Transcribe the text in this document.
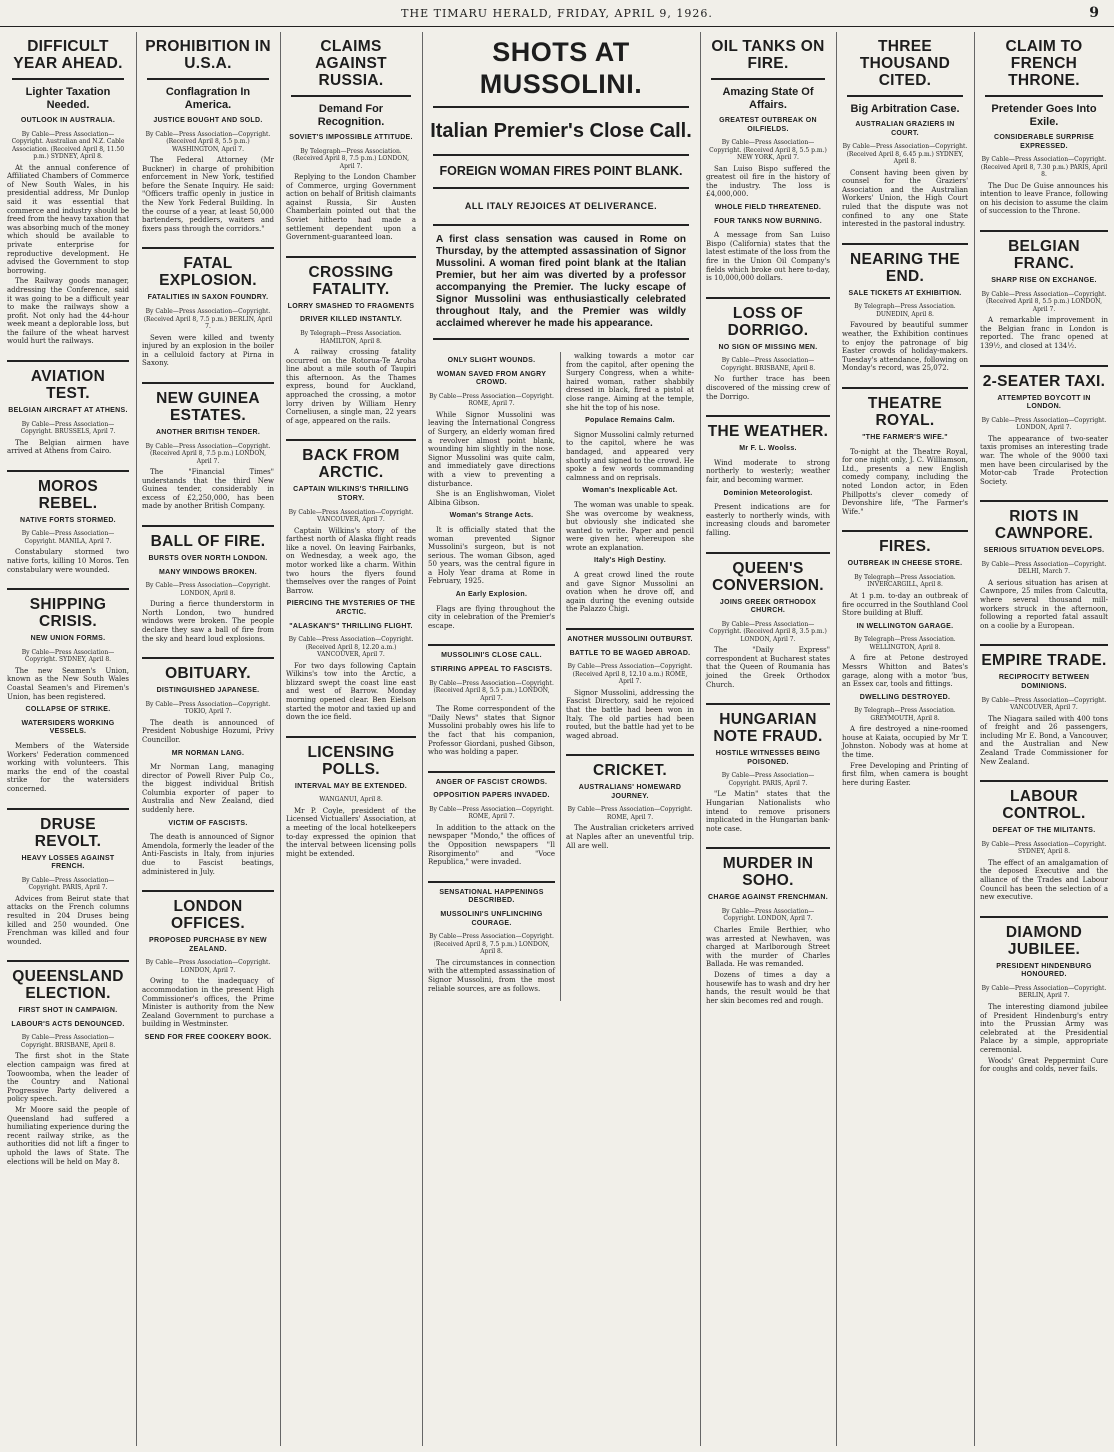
THE TIMARU HERALD, FRIDAY, APRIL 9, 1926.	9
DIFFICULT YEAR AHEAD.
Lighter Taxation Needed.
OUTLOOK IN AUSTRALIA.
By Cable—Press Association—Copyright. Australian and N.Z. Cable Association. (Received April 8, 11.50 p.m.) SYDNEY, April 8.

At the annual conference of Affiliated Chambers of Commerce of New South Wales, in his presidential address, Mr Dunlop said it was essential that commerce and industry should be freed from the heavy taxation that was absorbing much of the money which should be available to private enterprise for reproductive development. He advised the Government to stop borrowing.

The Railway goods manager, addressing the Conference, said it was going to be a difficult year to make the railways show a profit. Not only had the 44-hour week meant a deplorable loss, but the failure of the wheat harvest would hurt the railways.

AVIATION TEST.
BELGIAN AIRCRAFT AT ATHENS.
By Cable—Press Association—Copyright. BRUSSELS, April 7.

The Belgian airmen have arrived at Athens from Cairo.

MOROS REBEL.
NATIVE FORTS STORMED.
By Cable—Press Association—Copyright. MANILA, April 7.

Constabulary stormed two native forts, killing 10 Moros. Ten constabulary were wounded.

SHIPPING CRISIS.
NEW UNION FORMS.
By Cable—Press Association—Copyright. SYDNEY, April 8.

The new Seamen's Union, known as the New South Wales Coastal Seamen's and Firemen's Union, has been registered.

COLLAPSE OF STRIKE.
WATERSIDERS WORKING VESSELS.

Members of the Waterside Workers' Federation commenced working with volunteers. This marks the end of the coastal strike for the watersiders concerned.

DRUSE REVOLT.
HEAVY LOSSES AGAINST FRENCH.
By Cable—Press Association—Copyright. PARIS, April 7.

Advices from Beirut state that attacks on the French columns resulted in 204 Druses being killed and 250 wounded. One Frenchman was killed and four wounded.

QUEENSLAND ELECTION.
FIRST SHOT IN CAMPAIGN.
LABOUR'S ACTS DENOUNCED.
By Cable—Press Association—Copyright. BRISBANE, April 8.

The first shot in the State election campaign was fired at Toowoomba, when the leader of the Country and National Progressive Party delivered a policy speech.

Mr Moore said the people of Queensland had suffered a humiliating experience during the recent railway strike, as the authorities did not lift a finger to uphold the laws of State. The elections will be held on May 8.

PROHIBITION IN U.S.A.
Conflagration In America.
JUSTICE BOUGHT AND SOLD.
By Cable—Press Association—Copyright. (Received April 8, 5.5 p.m.) WASHINGTON, April 7.

The Federal Attorney (Mr Buckner) in charge of prohibition enforcement in New York, testified before the Senate Inquiry. He said: "Officers traffic openly in justice in the New York Federal Building. In the course of a year, at least 50,000 bartenders, peddlers, waiters and fixers pass through the corridors."

FATAL EXPLOSION.
FATALITIES IN SAXON FOUNDRY.
By Cable—Press Association—Copyright. (Received April 8, 7.5 p.m.) BERLIN, April 7.

Seven were killed and twenty injured by an explosion in the boiler in a celluloid factory at Pirna in Saxony.

NEW GUINEA ESTATES.
ANOTHER BRITISH TENDER.
By Cable—Press Association—Copyright. (Received April 8, 7.5 p.m.) LONDON, April 7.

The "Financial Times" understands that the third New Guinea tender, considerably in excess of £2,250,000, has been made by another British Company.

BALL OF FIRE.
BURSTS OVER NORTH LONDON.
MANY WINDOWS BROKEN.
By Cable—Press Association—Copyright. LONDON, April 8.

During a fierce thunderstorm in North London, two hundred windows were broken. The people declare they saw a ball of fire from the sky and heard loud explosions.

OBITUARY.
DISTINGUISHED JAPANESE.
By Cable—Press Association—Copyright. TOKIO, April 7.

The death is announced of President Nobushige Hozumi, Privy Councillor.

MR NORMAN LANG.

Mr Norman Lang, managing director of Powell River Pulp Co., the biggest individual British Columbia exporter of paper to Australia and New Zealand, died suddenly here.

VICTIM OF FASCISTS.

The death is announced of Signor Amendola, formerly the leader of the Anti-Fascists in Italy, from injuries due to Fascist beatings, administered in July.

LONDON OFFICES.
PROPOSED PURCHASE BY NEW ZEALAND.
By Cable—Press Association—Copyright. LONDON, April 7.

Owing to the inadequacy of accommodation in the present High Commissioner's offices, the Prime Minister is authority from the New Zealand Government to purchase a building in Westminster.

SEND FOR FREE COOKERY BOOK.
CLAIMS AGAINST RUSSIA.
Demand For Recognition.
SOVIET'S IMPOSSIBLE ATTITUDE.
By Telegraph—Press Association. (Received April 8, 7.5 p.m.) LONDON, April 7.

Replying to the London Chamber of Commerce, urging Government action on behalf of British claimants against Russia, Sir Austen Chamberlain pointed out that the Soviet hitherto had made a settlement dependent upon a Government-guaranteed loan.

CROSSING FATALITY.
LORRY SMASHED TO FRAGMENTS
DRIVER KILLED INSTANTLY.
By Telegraph—Press Association. HAMILTON, April 8.

A railway crossing fatality occurred on the Rotorua-Te Aroha line about a mile south of Taupiri this afternoon. As the Thames express, bound for Auckland, approached the crossing, a motor lorry driven by William Henry Corneliusen, a single man, 22 years of age, appeared on the rails.

BACK FROM ARCTIC.
CAPTAIN WILKINS'S THRILLING STORY.
By Cable—Press Association—Copyright. VANCOUVER, April 7.

Captain Wilkins's story of the farthest north of Alaska flight reads like a novel. On leaving Fairbanks, on Wednesday, a week ago, the motor worked like a charm. Within two hours the flyers found themselves over the ranges of Point Barrow.

PIERCING THE MYSTERIES OF THE ARCTIC.
"ALASKAN'S" THRILLING FLIGHT.
By Cable—Press Association—Copyright. (Received April 8, 12.20 a.m.) VANCOUVER, April 7.

For two days following Captain Wilkins's tow into the Arctic, a blizzard swept the coast line east and west of Barrow. Monday morning opened clear. Ben Eielson started the motor and taxied up and down the ice field.

LICENSING POLLS.
INTERVAL MAY BE EXTENDED.
WANGANUI, April 8.

Mr P. Coyle, president of the Licensed Victuallers' Association, at a meeting of the local hotelkeepers to-day expressed the opinion that the interval between licensing polls might be extended.

SHOTS AT MUSSOLINI.
Italian Premier's Close Call.
FOREIGN WOMAN FIRES POINT BLANK.
ALL ITALY REJOICES AT DELIVERANCE.
A first class sensation was caused in Rome on Thursday, by the attempted assassination of Signor Mussolini. A woman fired point blank at the Italian Premier, but her aim was diverted by a professor accompanying the Premier. The lucky escape of Signor Mussolini was enthusiastically celebrated throughout Italy, and the Premier was wildly acclaimed wherever he made his appearance.
ONLY SLIGHT WOUNDS.
WOMAN SAVED FROM ANGRY CROWD.
By Cable—Press Association—Copyright. ROME, April 7.

While Signor Mussolini was leaving the International Congress of Surgery, an elderly woman fired a revolver almost point blank, wounding him slightly in the nose. Signor Mussolini was quite calm, and immediately gave directions with a view to preventing a disturbance.

She is an Englishwoman, Violet Albina Gibson.

Woman's Strange Acts.

It is officially stated that the woman prevented Signor Mussolini's surgeon, but is not serious. The woman Gibson, aged 50 years, was the central figure in a Holy Year drama at Rome in February, 1925.

An Early Explosion.

Flags are flying throughout the city in celebration of the Premier's escape.

MUSSOLINI'S CLOSE CALL.
STIRRING APPEAL TO FASCISTS.
By Cable—Press Association—Copyright. (Received April 8, 5.5 p.m.) LONDON, April 7.

The Rome correspondent of the "Daily News" states that Signor Mussolini probably owes his life to the fact that his companion, Professor Giordani, pushed Gibson, who was holding a paper.

ANGER OF FASCIST CROWDS.
OPPOSITION PAPERS INVADED.
By Cable—Press Association—Copyright. ROME, April 7.

In addition to the attack on the newspaper "Mondo," the offices of the Opposition newspapers "Il Risorgimento" and "Voce Republica," were invaded.

SENSATIONAL HAPPENINGS DESCRIBED.
MUSSOLINI'S UNFLINCHING COURAGE.
By Cable—Press Association—Copyright. (Received April 8, 7.5 p.m.) LONDON, April 8.

The circumstances in connection with the attempted assassination of Signor Mussolini, from the most reliable sources, are as follows.

walking towards a motor car from the capitol, after opening the Surgery Congress, when a white-haired woman, rather shabbily dressed in black, fired a pistol at close range. Aiming at the temple, she hit the top of his nose.

Populace Remains Calm.

Signor Mussolini calmly returned to the capitol, where he was bandaged, and appeared very shortly and signed to the crowd. He spoke a few words commanding calmness and on reprisals.

Woman's Inexplicable Act.

The woman was unable to speak. She was overcome by weakness, but obviously she indicated she wanted to write. Paper and pencil were given her, whereupon she wrote an explanation.

Italy's High Destiny.

A great crowd lined the route and gave Signor Mussolini an ovation when he drove off, and again during the evening outside the Palazzo Chigi.

ANOTHER MUSSOLINI OUTBURST.
BATTLE TO BE WAGED ABROAD.
By Cable—Press Association—Copyright. (Received April 8, 12.10 a.m.) ROME, April 7.

Signor Mussolini, addressing the Fascist Directory, said he rejoiced that the battle had been won in Italy. The old parties had been routed, but the battle had yet to be waged abroad.

CRICKET.
AUSTRALIANS' HOMEWARD JOURNEY.
By Cable—Press Association—Copyright. ROME, April 7.

The Australian cricketers arrived at Naples after an uneventful trip. All are well.

OIL TANKS ON FIRE.
Amazing State Of Affairs.
GREATEST OUTBREAK ON OILFIELDS.
By Cable—Press Association—Copyright. (Received April 8, 5.5 p.m.) NEW YORK, April 7.

San Luiso Bispo suffered the greatest oil fire in the history of the industry. The loss is £4,000,000.

WHOLE FIELD THREATENED.
FOUR TANKS NOW BURNING.

A message from San Luiso Bispo (California) states that the latest estimate of the loss from the fire in the Union Oil Company's fields which broke out here to-day, is 10,000,000 dollars.

LOSS OF DORRIGO.
NO SIGN OF MISSING MEN.
By Cable—Press Association—Copyright. BRISBANE, April 8.

No further trace has been discovered of the missing crew of the Dorrigo.

THE WEATHER.
Mr F. L. Woolss.

Wind moderate to strong northerly to westerly; weather fair, and becoming warmer.

Dominion Meteorologist.

Present indications are for easterly to northerly winds, with increasing clouds and barometer falling.

QUEEN'S CONVERSION.
JOINS GREEK ORTHODOX CHURCH.
By Cable—Press Association—Copyright. (Received April 8, 3.5 p.m.) LONDON, April 7.

The "Daily Express" correspondent at Bucharest states that the Queen of Roumania has joined the Greek Orthodox Church.

HUNGARIAN NOTE FRAUD.
HOSTILE WITNESSES BEING POISONED.
By Cable—Press Association—Copyright. PARIS, April 7.

"Le Matin" states that the Hungarian Nationalists who intend to remove prisoners implicated in the Hungarian bank-note case.

MURDER IN SOHO.
CHARGE AGAINST FRENCHMAN.
By Cable—Press Association—Copyright. LONDON, April 7.

Charles Emile Berthier, who was arrested at Newhaven, was charged at Marlborough Street with the murder of Charles Ballada. He was remanded.

Dozens of times a day a housewife has to wash and dry her hands, the result would be that her skin becomes red and rough.

THREE THOUSAND CITED.
Big Arbitration Case.
AUSTRALIAN GRAZIERS IN COURT.
By Cable—Press Association—Copyright. (Received April 8, 6.45 p.m.) SYDNEY, April 8.

Consent having been given by counsel for the Graziers' Association and the Australian Workers' Union, the High Court ruled that the dispute was not confined to any one State interested in the pastoral industry.

NEARING THE END.
SALE TICKETS AT EXHIBITION.
By Telegraph—Press Association. DUNEDIN, April 8.

Favoured by beautiful summer weather, the Exhibition continues to enjoy the patronage of big Easter crowds of holiday-makers. Tuesday's attendance, following on Monday's record, was 25,072.

THEATRE ROYAL.
"THE FARMER'S WIFE."

To-night at the Theatre Royal, for one night only, J. C. Williamson, Ltd., presents a new English comedy company, including the noted London actor, in Eden Phillpotts's clever comedy of Devonshire life, "The Farmer's Wife."

FIRES.
OUTBREAK IN CHEESE STORE.
By Telegraph—Press Association. INVERCARGILL, April 8.

At 1 p.m. to-day an outbreak of fire occurred in the Southland Cool Store building at Bluff.

IN WELLINGTON GARAGE.
By Telegraph—Press Association. WELLINGTON, April 8.

A fire at Petone destroyed Messrs Whitton and Bates's garage, along with a motor 'bus, an Essex car, tools and fittings.

DWELLING DESTROYED.
By Telegraph—Press Association. GREYMOUTH, April 8.

A fire destroyed a nine-roomed house at Kaiata, occupied by Mr T. Johnston. Nobody was at home at the time.

Free Developing and Printing of first film, when camera is bought here during Easter.

CLAIM TO FRENCH THRONE.
Pretender Goes Into Exile.
CONSIDERABLE SURPRISE EXPRESSED.
By Cable—Press Association—Copyright. (Received April 8, 7.30 p.m.) PARIS, April 8.

The Duc De Guise announces his intention to leave France, following on his decision to assume the claim of succession to the Throne.

BELGIAN FRANC.
SHARP RISE ON EXCHANGE.
By Cable—Press Association—Copyright. (Received April 8, 5.5 p.m.) LONDON, April 7.

A remarkable improvement in the Belgian franc in London is reported. The franc opened at 139½, and closed at 134½.

2-SEATER TAXI.
ATTEMPTED BOYCOTT IN LONDON.
By Cable—Press Association—Copyright. LONDON, April 7.

The appearance of two-seater taxis promises an interesting trade war. The whole of the 9000 taxi men have been circularised by the Motor-cab Trade Protection Society.

RIOTS IN CAWNPORE.
SERIOUS SITUATION DEVELOPS.
By Cable—Press Association—Copyright. DELHI, March 7.

A serious situation has arisen at Cawnpore, 25 miles from Calcutta, where several thousand mill-workers struck in the afternoon, following a reported fatal assault on a coolie by a European.

EMPIRE TRADE.
RECIPROCITY BETWEEN DOMINIONS.
By Cable—Press Association—Copyright. VANCOUVER, April 7.

The Niagara sailed with 400 tons of freight and 26 passengers, including Mr E. Bond, a Vancouver, and the Australian and New Zealand Trade Commissioner for New Zealand.

LABOUR CONTROL.
DEFEAT OF THE MILITANTS.
By Cable—Press Association—Copyright. SYDNEY, April 8.

The effect of an amalgamation of the deposed Executive and the alliance of the Trades and Labour Council has been the selection of a new executive.

DIAMOND JUBILEE.
PRESIDENT HINDENBURG HONOURED.
By Cable—Press Association—Copyright. BERLIN, April 7.

The interesting diamond jubilee of President Hindenburg's entry into the Prussian Army was celebrated at the Presidential Palace by a simple, appropriate ceremonial.

Woods' Great Peppermint Cure for coughs and colds, never fails.
